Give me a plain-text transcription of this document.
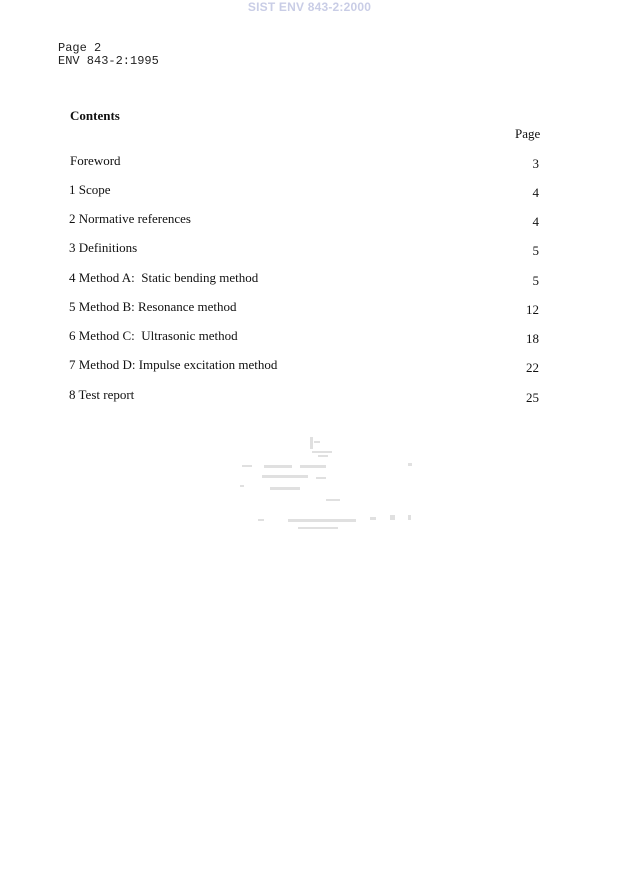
SIST ENV 843-2:2000
Page 2
ENV 843-2:1995
Contents
Page
Foreword	3
1 Scope	4
2 Normative references	4
3 Definitions	5
4 Method A:  Static bending method	5
5 Method B: Resonance method	12
6 Method C:  Ultrasonic method	18
7 Method D: Impulse excitation method	22
8 Test report	25
